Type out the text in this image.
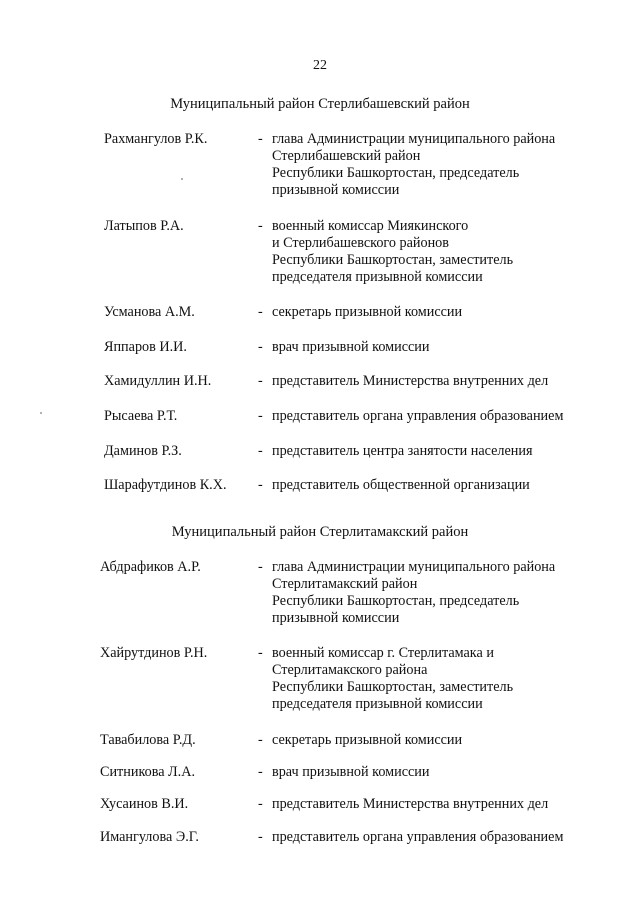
22
Муниципальный район Стерлибашевский район
Рахмангулов Р.К.	- глава Администрации муниципального района
Стерлибашевский район
Республики Башкортостан, председатель
призывной комиссии
Латыпов Р.А.	- военный комиссар Миякинского
и Стерлибашевского районов
Республики Башкортостан, заместитель
председателя призывной комиссии
Усманова А.М.	- секретарь призывной комиссии
Яппаров И.И.	- врач призывной комиссии
Хамидуллин И.Н.	- представитель Министерства внутренних дел
Рысаева Р.Т.	- представитель органа управления образованием
Даминов Р.З.	- представитель центра занятости населения
Шарафутдинов К.Х. - представитель общественной организации
Муниципальный район Стерлитамакский район
Абдрафиков А.Р.	- глава Администрации муниципального района
Стерлитамакский район
Республики Башкортостан, председатель
призывной комиссии
Хайрутдинов Р.Н.	- военный комиссар г. Стерлитамака и
Стерлитамакского района
Республики Башкортостан, заместитель
председателя призывной комиссии
Тавабилова Р.Д.	- секретарь призывной комиссии
Ситникова Л.А.	- врач призывной комиссии
Хусаинов В.И.	- представитель Министерства внутренних дел
Имангулова Э.Г.	- представитель органа управления образованием
